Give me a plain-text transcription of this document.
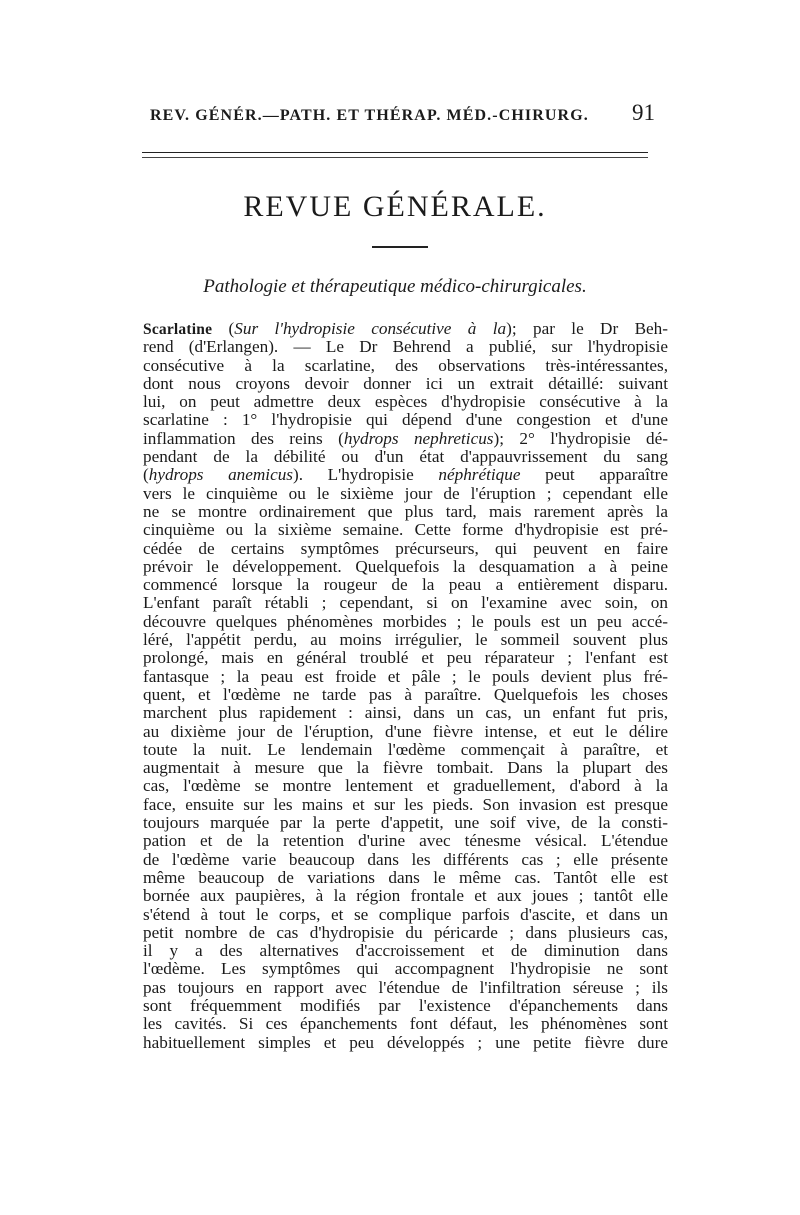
REV. GÉNÉR.—PATH. ET THÉRAP. MÉD.-CHIRURG. 91
REVUE GÉNÉRALE.

Pathologie et thérapeutique médico-chirurgicales.

Scarlatine (Sur l'hydropisie consécutive à la); par le Dr Beh-
rend (d'Erlangen). — Le Dr Behrend a publié, sur l'hydropisie
consécutive à la scarlatine, des observations très-intéressantes,
dont nous croyons devoir donner ici un extrait détaillé: suivant
lui, on peut admettre deux espèces d'hydropisie consécutive à la
scarlatine : 1° l'hydropisie qui dépend d'une congestion et d'une
inflammation des reins (hydrops nephreticus); 2° l'hydropisie dé-
pendant de la débilité ou d'un état d'appauvrissement du sang
(hydrops anemicus). L'hydropisie néphrétique peut apparaître
vers le cinquième ou le sixième jour de l'éruption ; cependant elle
ne se montre ordinairement que plus tard, mais rarement après la
cinquième ou la sixième semaine. Cette forme d'hydropisie est pré-
cédée de certains symptômes précurseurs, qui peuvent en faire
prévoir le développement. Quelquefois la desquamation a à peine
commencé lorsque la rougeur de la peau a entièrement disparu.
L'enfant paraît rétabli ; cependant, si on l'examine avec soin, on
découvre quelques phénomènes morbides ; le pouls est un peu accé-
léré, l'appétit perdu, au moins irrégulier, le sommeil souvent plus
prolongé, mais en général troublé et peu réparateur ; l'enfant est
fantasque ; la peau est froide et pâle ; le pouls devient plus fré-
quent, et l'œdème ne tarde pas à paraître. Quelquefois les choses
marchent plus rapidement : ainsi, dans un cas, un enfant fut pris,
au dixième jour de l'éruption, d'une fièvre intense, et eut le délire
toute la nuit. Le lendemain l'œdème commençait à paraître, et
augmentait à mesure que la fièvre tombait. Dans la plupart des
cas, l'œdème se montre lentement et graduellement, d'abord à la
face, ensuite sur les mains et sur les pieds. Son invasion est presque
toujours marquée par la perte d'appetit, une soif vive, de la consti-
pation et de la retention d'urine avec ténesme vésical. L'étendue
de l'œdème varie beaucoup dans les différents cas ; elle présente
même beaucoup de variations dans le même cas. Tantôt elle est
bornée aux paupières, à la région frontale et aux joues ; tantôt elle
s'étend à tout le corps, et se complique parfois d'ascite, et dans un
petit nombre de cas d'hydropisie du péricarde ; dans plusieurs cas,
il y a des alternatives d'accroissement et de diminution dans
l'œdème. Les symptômes qui accompagnent l'hydropisie ne sont
pas toujours en rapport avec l'étendue de l'infiltration séreuse ; ils
sont fréquemment modifiés par l'existence d'épanchements dans
les cavités. Si ces épanchements font défaut, les phénomènes sont
habituellement simples et peu développés ; une petite fièvre dure
